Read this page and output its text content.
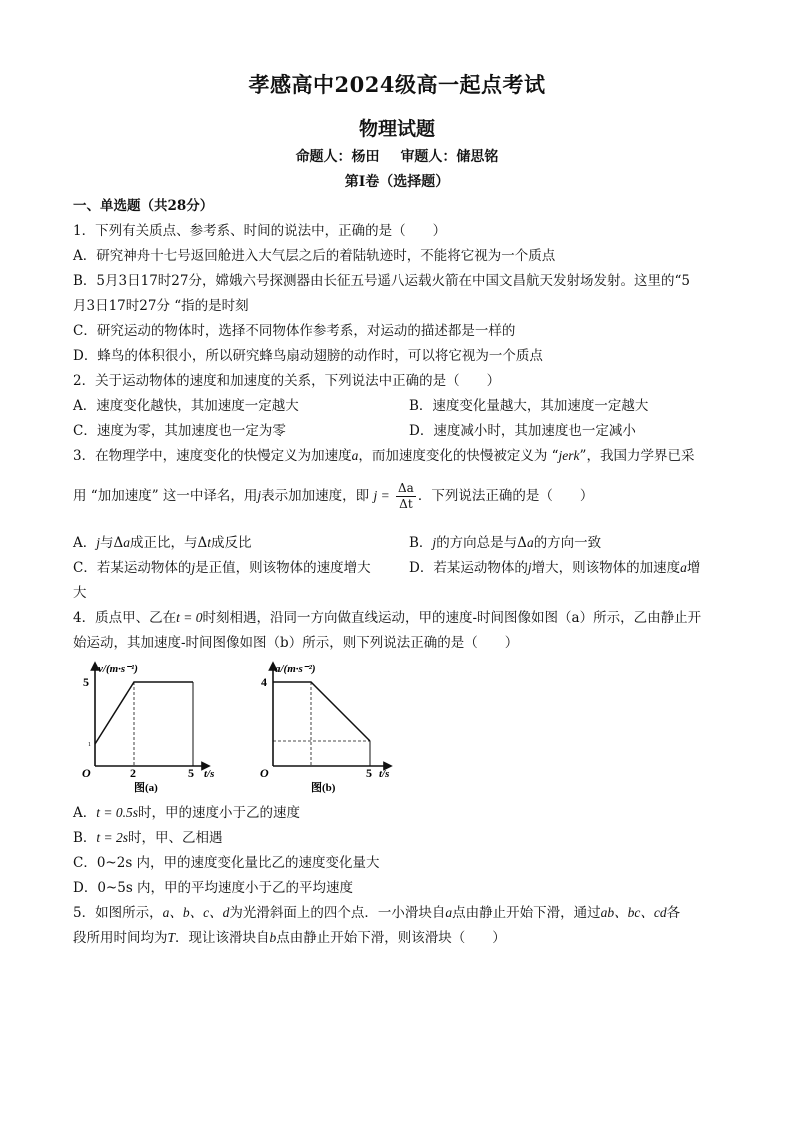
孝感高中2024级高一起点考试
物理试题
命题人：杨田 审题人：储思铭
第Ⅰ卷（选择题）
一、单选题（共28分）
1．下列有关质点、参考系、时间的说法中，正确的是（　　）
A．研究神舟十七号返回舱进入大气层之后的着陆轨迹时，不能将它视为一个质点
B．5月3日17时27分，嫦娥六号探测器由长征五号遥八运载火箭在中国文昌航天发射场发射。这里的“5
月3日17时27分 “指的是时刻
C．研究运动的物体时，选择不同物体作参考系，对运动的描述都是一样的
D．蜂鸟的体积很小，所以研究蜂鸟扇动翅膀的动作时，可以将它视为一个质点
2．关于运动物体的速度和加速度的关系，下列说法中正确的是（　　）
A．速度变化越快，其加速度一定越大	B．速度变化量越大，其加速度一定越大
C．速度为零，其加速度也一定为零	D．速度减小时，其加速度也一定减小
3．在物理学中，速度变化的快慢定义为加速度a，而加速度变化的快慢被定义为 “jerk”，我国力学界已采
用 “加加速度” 这一中译名，用j表示加加速度，即 $j = \frac{\Delta a}{\Delta t}$ ．下列说法正确的是（　　）
A．j与Δa成正比，与Δt成反比	B．j的方向总是与Δa的方向一致
C．若某运动物体的j是正值，则该物体的速度增大	D．若某运动物体的j增大，则该物体的加速度a增
大
4．质点甲、乙在t = 0时刻相遇，沿同一方向做直线运动，甲的速度-时间图像如图（a）所示，乙由静止开
始运动，其加速度-时间图像如图（b）所示，则下列说法正确的是（　　）
v/(m·s⁻¹)
5
1
O	2	5 t/s
图(a)
a/(m·s⁻²)
4
O	5 t/s
图(b)
A．t = 0.5s时，甲的速度小于乙的速度
B．t = 2s时，甲、乙相遇
C．0~2s 内，甲的速度变化量比乙的速度变化量大
D．0~5s 内，甲的平均速度小于乙的平均速度
5．如图所示，a、b、c、d为光滑斜面上的四个点．一小滑块自a点由静止开始下滑，通过ab、bc、cd各
段所用时间均为T．现让该滑块自b点由静止开始下滑，则该滑块（　　）
